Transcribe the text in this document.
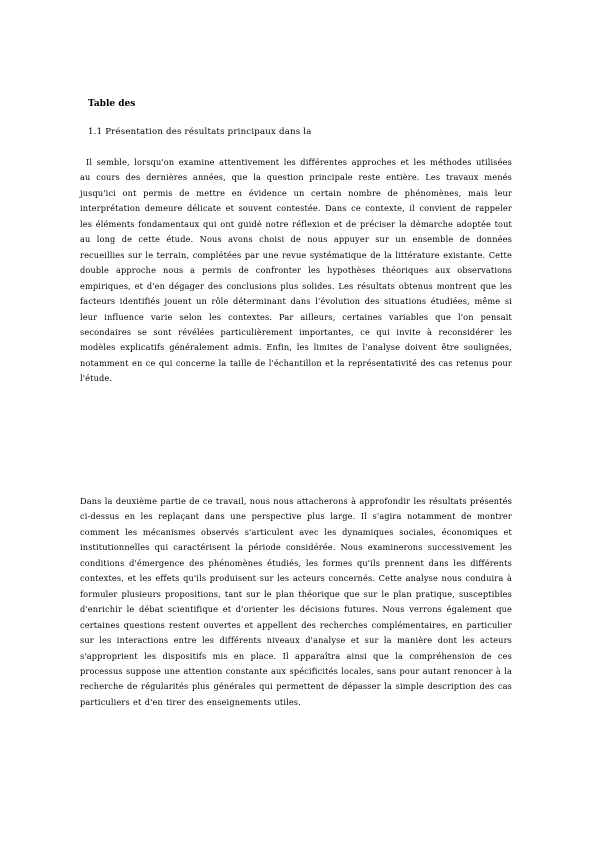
Table des
1.1 Présentation des résultats principaux dans la

Il semble, lorsqu'on examine attentivement les différentes approches et les méthodes utilisées au cours des dernières années, que la question principale reste entière. Les travaux menés jusqu'ici ont permis de mettre en évidence un certain nombre de phénomènes, mais leur interprétation demeure délicate et souvent contestée. Dans ce contexte, il convient de rappeler les éléments fondamentaux qui ont guidé notre réflexion et de préciser la démarche adoptée tout au long de cette étude. Nous avons choisi de nous appuyer sur un ensemble de données recueillies sur le terrain, complétées par une revue systématique de la littérature existante. Cette double approche nous a permis de confronter les hypothèses théoriques aux observations empiriques, et d'en dégager des conclusions plus solides. Les résultats obtenus montrent que les facteurs identifiés jouent un rôle déterminant dans l'évolution des situations étudiées, même si leur influence varie selon les contextes. Par ailleurs, certaines variables que l'on pensait secondaires se sont révélées particulièrement importantes, ce qui invite à reconsidérer les modèles explicatifs généralement admis. Enfin, les limites de l'analyse doivent être soulignées, notamment en ce qui concerne la taille de l'échantillon et la représentativité des cas retenus pour l'étude.

Dans la deuxième partie de ce travail, nous nous attacherons à approfondir les résultats présentés ci-dessus en les replaçant dans une perspective plus large. Il s'agira notamment de montrer comment les mécanismes observés s'articulent avec les dynamiques sociales, économiques et institutionnelles qui caractérisent la période considérée. Nous examinerons successivement les conditions d'émergence des phénomènes étudiés, les formes qu'ils prennent dans les différents contextes, et les effets qu'ils produisent sur les acteurs concernés. Cette analyse nous conduira à formuler plusieurs propositions, tant sur le plan théorique que sur le plan pratique, susceptibles d'enrichir le débat scientifique et d'orienter les décisions futures. Nous verrons également que certaines questions restent ouvertes et appellent des recherches complémentaires, en particulier sur les interactions entre les différents niveaux d'analyse et sur la manière dont les acteurs s'approprient les dispositifs mis en place. Il apparaîtra ainsi que la compréhension de ces processus suppose une attention constante aux spécificités locales, sans pour autant renoncer à la recherche de régularités plus générales qui permettent de dépasser la simple description des cas particuliers et d'en tirer des enseignements utiles.
